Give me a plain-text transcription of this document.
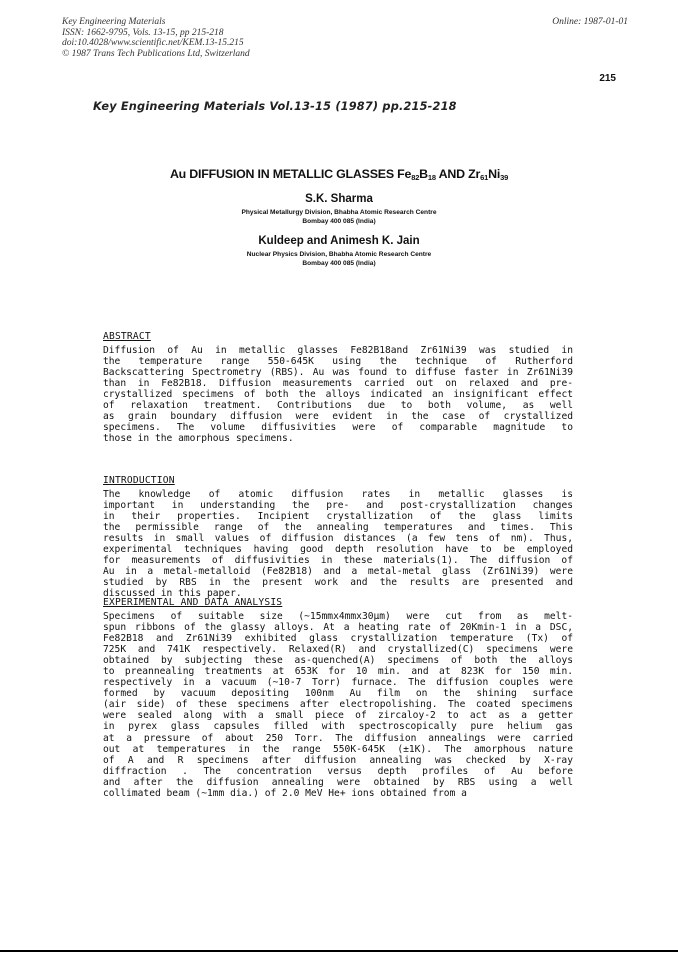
Key Engineering Materials
ISSN: 1662-9795, Vols. 13-15, pp 215-218
doi:10.4028/www.scientific.net/KEM.13-15.215
© 1987 Trans Tech Publications Ltd, Switzerland
Online: 1987-01-01
215
Key Engineering Materials Vol.13-15 (1987) pp.215-218
Au DIFFUSION IN METALLIC GLASSES $Fe_{82}B_{18}$ AND $Zr_{61}Ni_{39}$
S.K. Sharma
Physical Metallurgy Division, Bhabha Atomic Research Centre
Bombay 400 085 (India)
Kuldeep and Animesh K. Jain
Nuclear Physics Division, Bhabha Atomic Research Centre
Bombay 400 085 (India)
ABSTRACT
Diffusion of Au in metallic glasses Fe82B18and Zr61Ni39 was studied in
the temperature range 550-645K using the technique of Rutherford
Backscattering Spectrometry (RBS). Au was found to diffuse faster in Zr61Ni39
than in Fe82B18. Diffusion measurements carried out on relaxed and pre-
crystallized specimens of both the alloys indicated an insignificant effect
of relaxation treatment. Contributions due to both volume, as well
as grain boundary diffusion were evident in the case of crystallized
specimens. The volume diffusivities were of comparable magnitude to
those in the amorphous specimens.
INTRODUCTION
The knowledge of atomic diffusion rates in metallic glasses is
important in understanding the pre- and post-crystallization changes
in their properties. Incipient crystallization of the glass limits
the permissible range of the annealing temperatures and times. This
results in small values of diffusion distances (a few tens of nm). Thus,
experimental techniques having good depth resolution have to be employed
for measurements of diffusivities in these materials(1). The diffusion of
Au in a metal-metalloid (Fe82B18) and a metal-metal glass (Zr61Ni39) were
studied by RBS in the present work and the results are presented and
discussed in this paper.
EXPERIMENTAL AND DATA ANALYSIS
Specimens of suitable size (~15mmx4mmx30μm) were cut from as melt-
spun ribbons of the glassy alloys. At a heating rate of 20Kmin-1 in a DSC,
Fe82B18 and Zr61Ni39 exhibited glass crystallization temperature (Tx) of
725K and 741K respectively. Relaxed(R) and crystallized(C) specimens were
obtained by subjecting these as-quenched(A) specimens of both the alloys
to preannealing treatments at 653K for 10 min. and at 823K for 150 min.
respectively in a vacuum (~10-7 Torr) furnace. The diffusion couples were
formed by vacuum depositing 100nm Au film on the shining surface
(air side) of these specimens after electropolishing. The coated specimens
were sealed along with a small piece of zircaloy-2 to act as a getter
in pyrex glass capsules filled with spectroscopically pure helium gas
at a pressure of about 250 Torr. The diffusion annealings were carried
out at temperatures in the range 550K-645K (±1K). The amorphous nature
of A and R specimens after diffusion annealing was checked by X-ray
diffraction . The concentration versus depth profiles of Au before
and after the diffusion annealing were obtained by RBS using a well
collimated beam (~1mm dia.) of 2.0 MeV He+ ions obtained from a
